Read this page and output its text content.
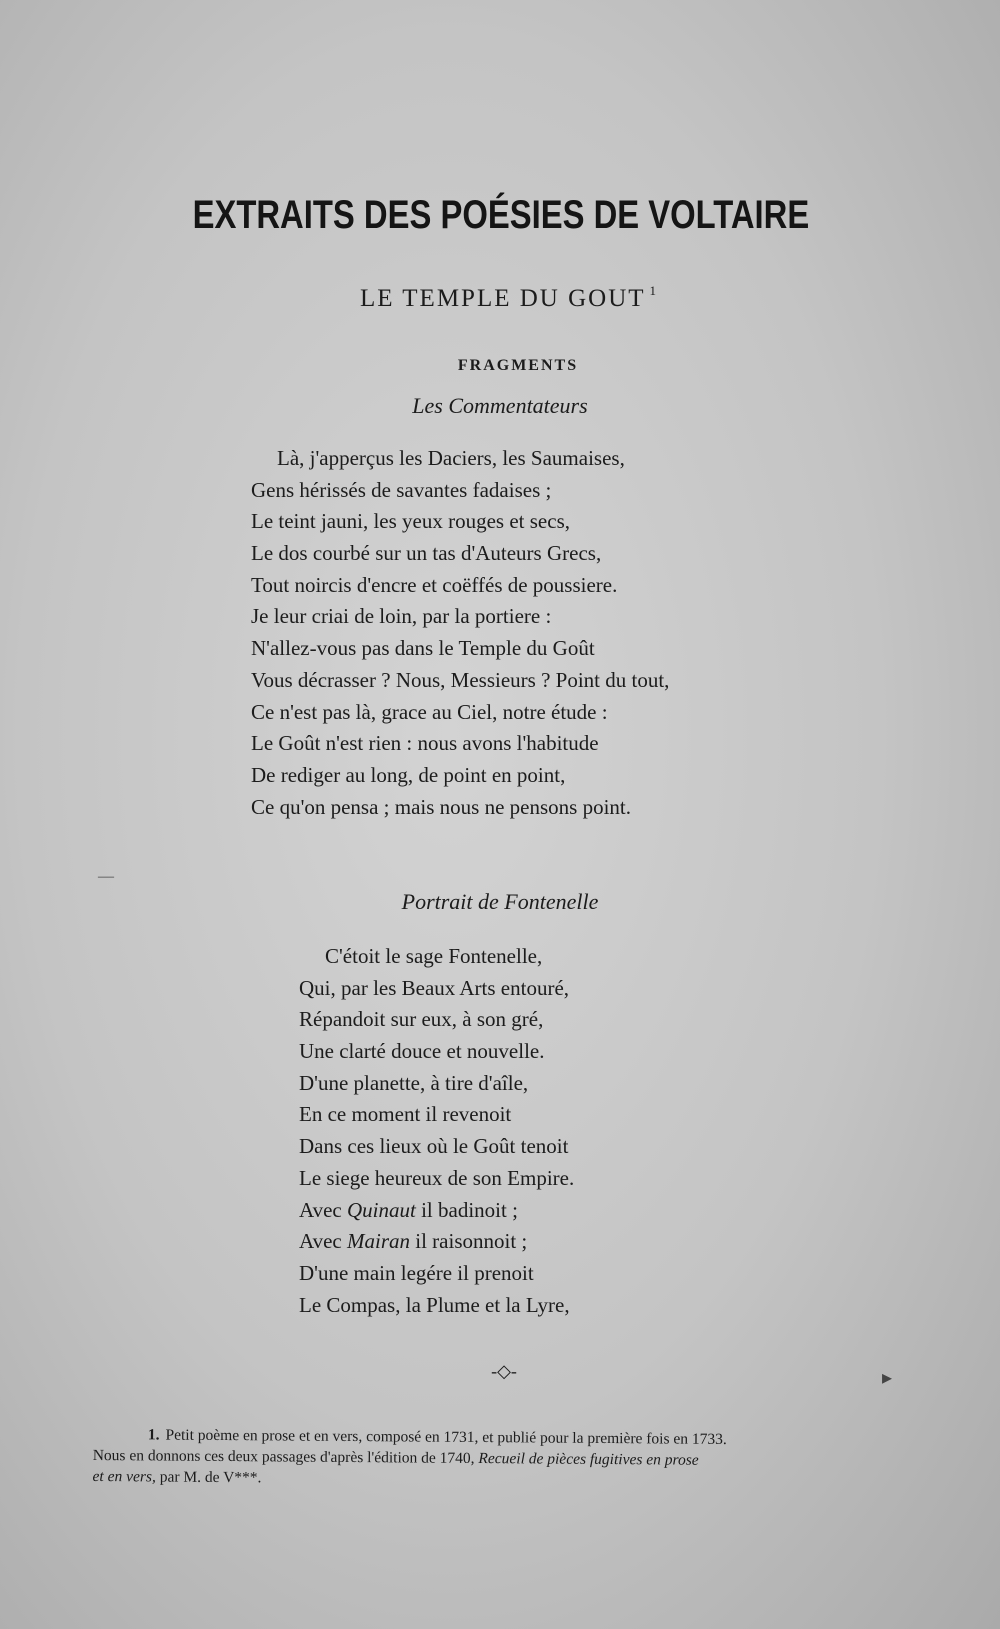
EXTRAITS DES POÉSIES DE VOLTAIRE
LE TEMPLE DU GOUT $^1$
FRAGMENTS
Les Commentateurs
Là, j'apperçus les Daciers, les Saumaises,
Gens hérissés de savantes fadaises ;
Le teint jauni, les yeux rouges et secs,
Le dos courbé sur un tas d'Auteurs Grecs,
Tout noircis d'encre et coëffés de poussiere.
Je leur criai de loin, par la portiere :
N'allez-vous pas dans le Temple du Goût
Vous décrasser ? Nous, Messieurs ? Point du tout,
Ce n'est pas là, grace au Ciel, notre étude :
Le Goût n'est rien : nous avons l'habitude
De rediger au long, de point en point,
Ce qu'on pensa ; mais nous ne pensons point.
Portrait de Fontenelle
C'étoit le sage Fontenelle,
Qui, par les Beaux Arts entouré,
Répandoit sur eux, à son gré,
Une clarté douce et nouvelle.
D'une planette, à tire d'aîle,
En ce moment il revenoit
Dans ces lieux où le Goût tenoit
Le siege heureux de son Empire.
Avec Quinaut il badinoit ;
Avec Mairan il raisonnoit ;
D'une main legére il prenoit
Le Compas, la Plume et la Lyre,
-◇-
1. Petit poème en prose et en vers, composé en 1731, et publié pour la première fois en 1733.
Nous en donnons ces deux passages d'après l'édition de 1740, Recueil de pièces fugitives en prose
et en vers, par M. de V***.
—
▸
